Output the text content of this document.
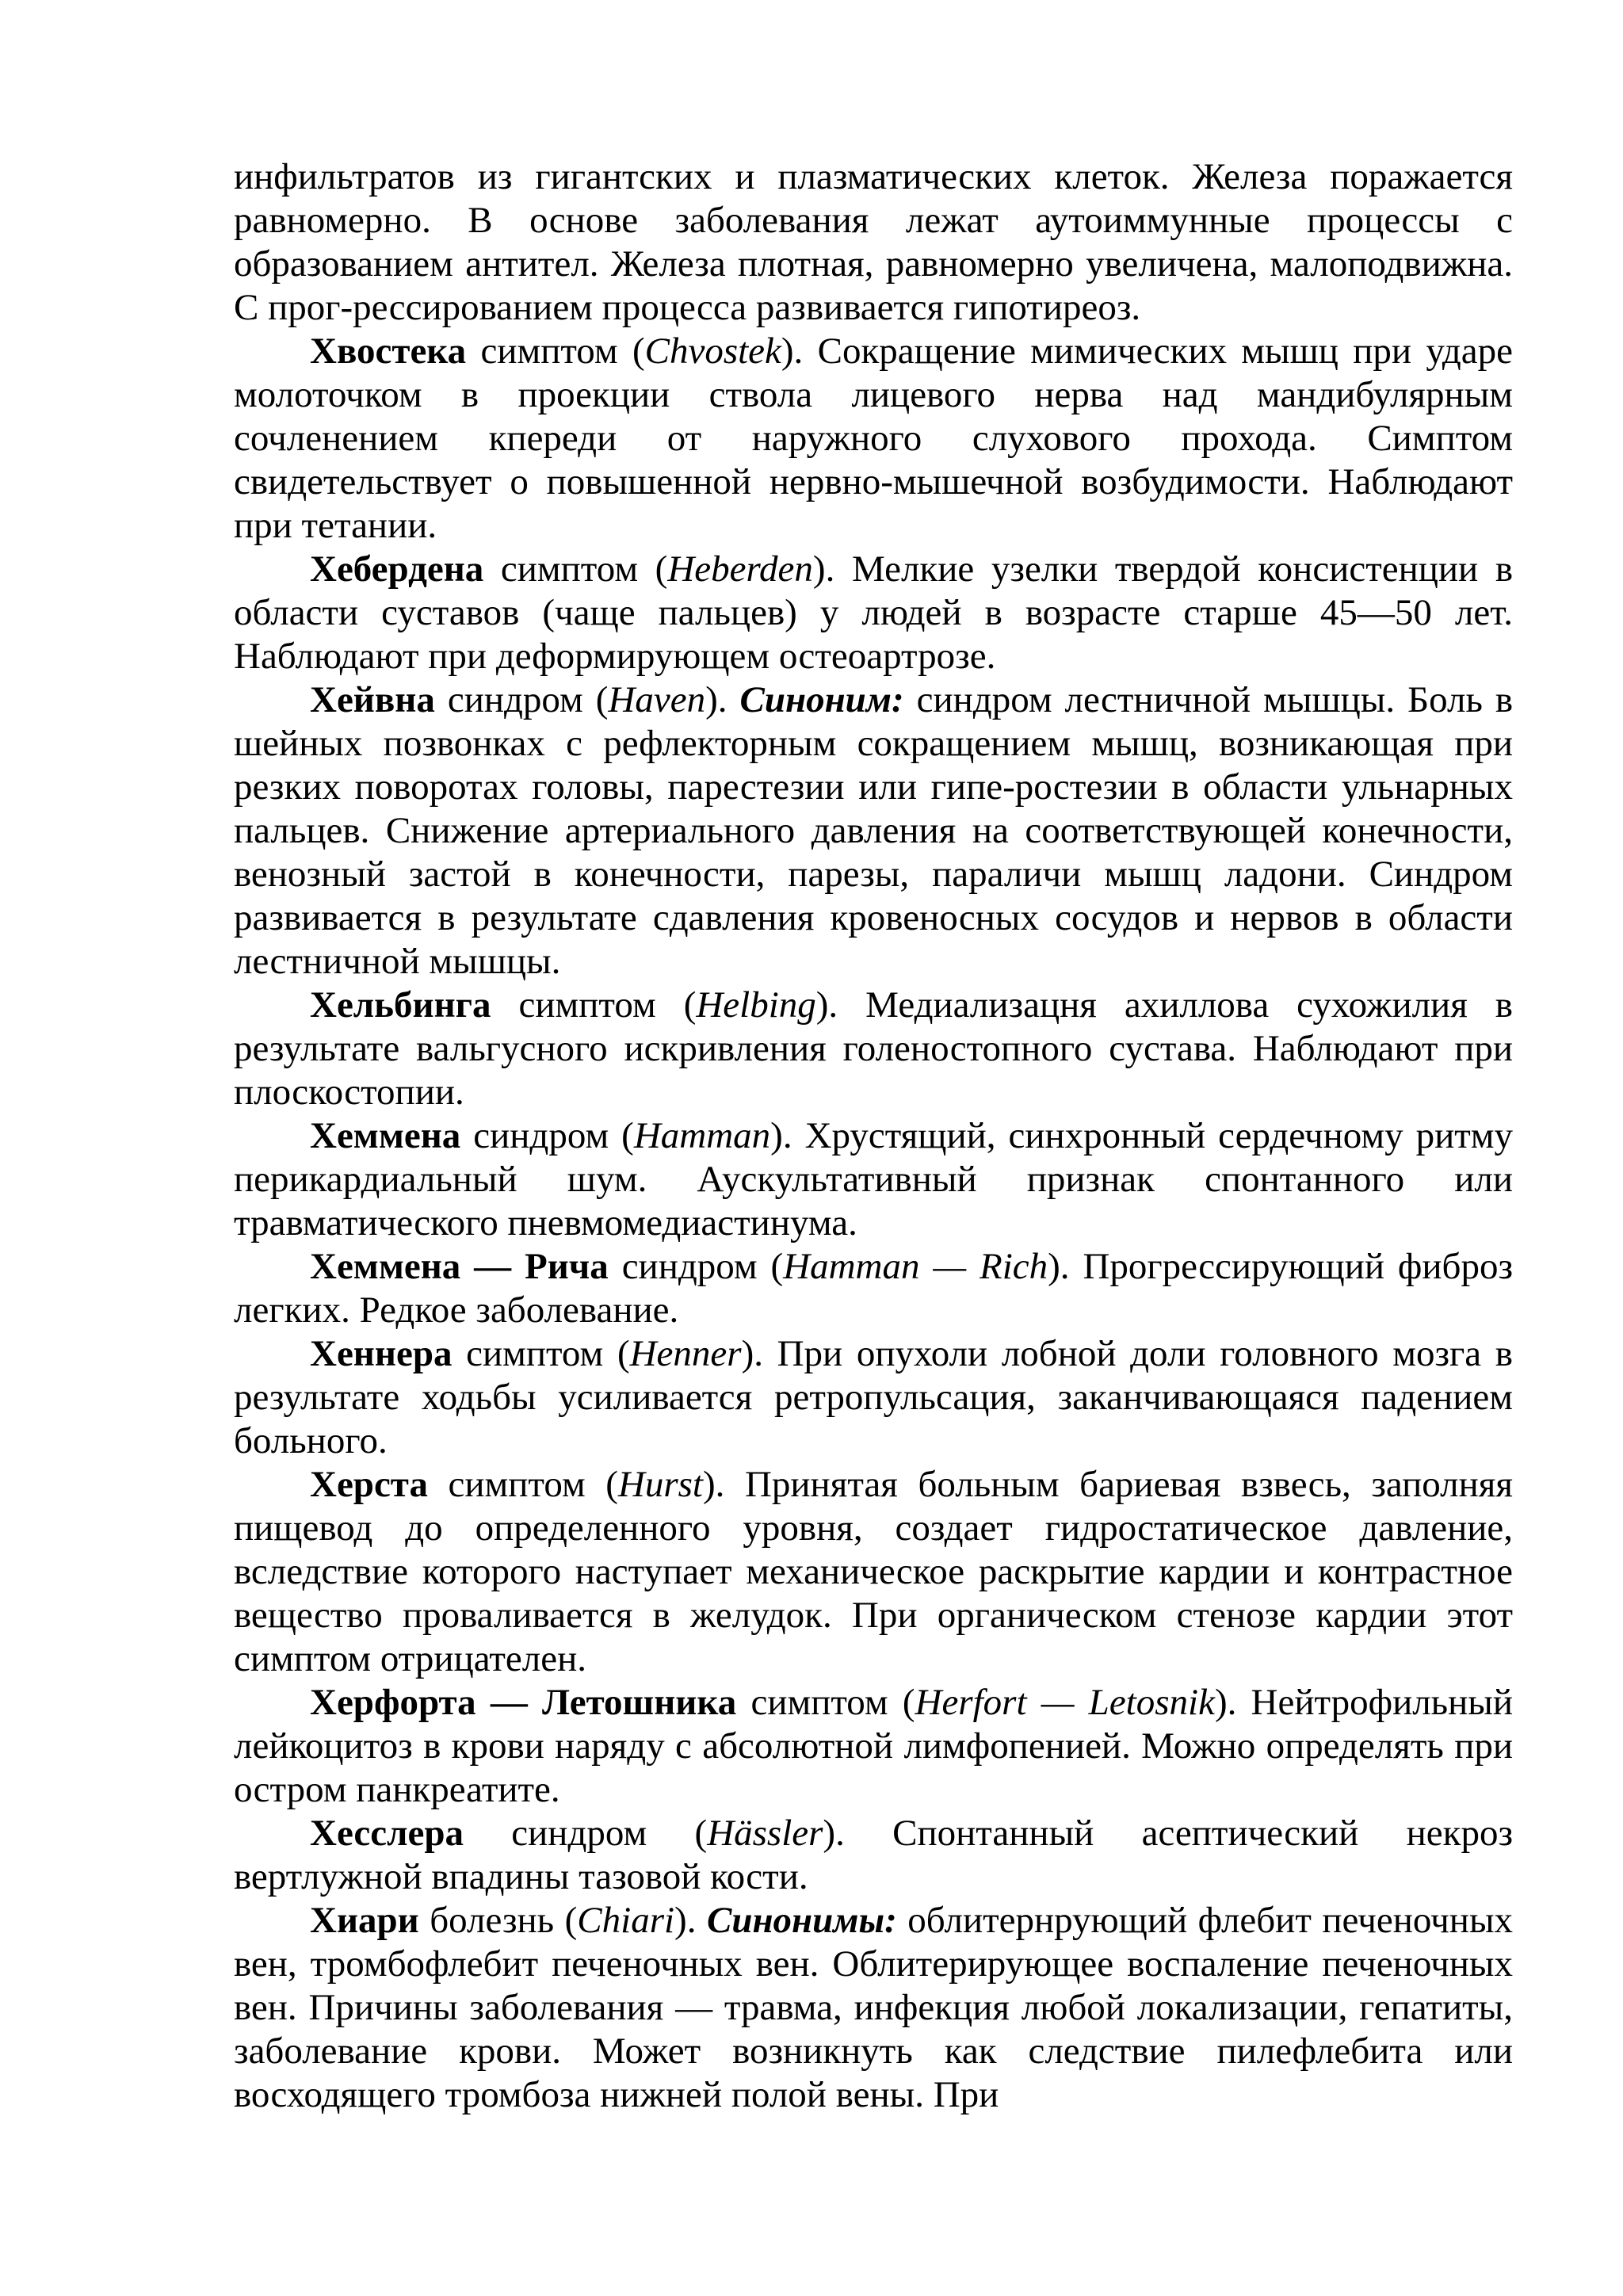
инфильтратов из гигантских и плазматических клеток. Железа поражается равномерно. В основе заболевания лежат аутоиммунные процессы с образованием антител. Железа плотная, равномерно увеличена, малоподвижна. С прог-рессированием процесса развивается гипотиреоз.

Хвостека симптом (Chvostek). Сокращение мимических мышц при ударе молоточком в проекции ствола лицевого нерва над мандибулярным сочленением кпереди от наружного слухового прохода. Симптом свидетельствует о повышенной нервно-мышечной возбудимости. Наблюдают при тетании.

Хебердена симптом (Heberden). Мелкие узелки твердой консистенции в области суставов (чаще пальцев) у людей в возрасте старше 45—50 лет. Наблюдают при деформирующем остеоартрозе.

Хейвна синдром (Haven). Синоним: синдром лестничной мышцы. Боль в шейных позвонках с рефлекторным сокращением мышц, возникающая при резких поворотах головы, парестезии или гипе-ростезии в области ульнарных пальцев. Снижение артериального давления на соответствующей конечности, венозный застой в конечности, парезы, параличи мышц ладони. Синдром развивается в результате сдавления кровеносных сосудов и нервов в области лестничной мышцы.

Хельбинга симптом (Helbing). Медиализацня ахиллова сухожилия в результате вальгусного искривления голеностопного сустава. Наблюдают при плоскостопии.

Хеммена синдром (Hamman). Хрустящий, синхронный сердечному ритму перикардиальный шум. Аускультативный признак спонтанного или травматического пневмомедиастинума.

Хеммена — Рича синдром (Hamman — Rich). Прогрессирующий фиброз легких. Редкое заболевание.

Хеннера симптом (Henner). При опухоли лобной доли головного мозга в результате ходьбы усиливается ретропульсация, заканчивающаяся падением больного.

Херста симптом (Hurst). Принятая больным бариевая взвесь, заполняя пищевод до определенного уровня, создает гидростатическое давление, вследствие которого наступает механическое раскрытие кардии и контрастное вещество проваливается в желудок. При органическом стенозе кардии этот симптом отрицателен.

Херфорта — Летошника симптом (Herfort — Letosnik). Нейтрофильный лейкоцитоз в крови наряду с абсолютной лимфопенией. Можно определять при остром панкреатите.

Хесслера синдром (Hässler). Спонтанный асептический некроз вертлужной впадины тазовой кости.

Хиари болезнь (Chiari). Синонимы: облитернрующий флебит печеночных вен, тромбофлебит печеночных вен. Облитерирующее воспаление печеночных вен. Причины заболевания — травма, инфекция любой локализации, гепатиты, заболевание крови. Может возникнуть как следствие пилефлебита или восходящего тромбоза нижней полой вены. При
